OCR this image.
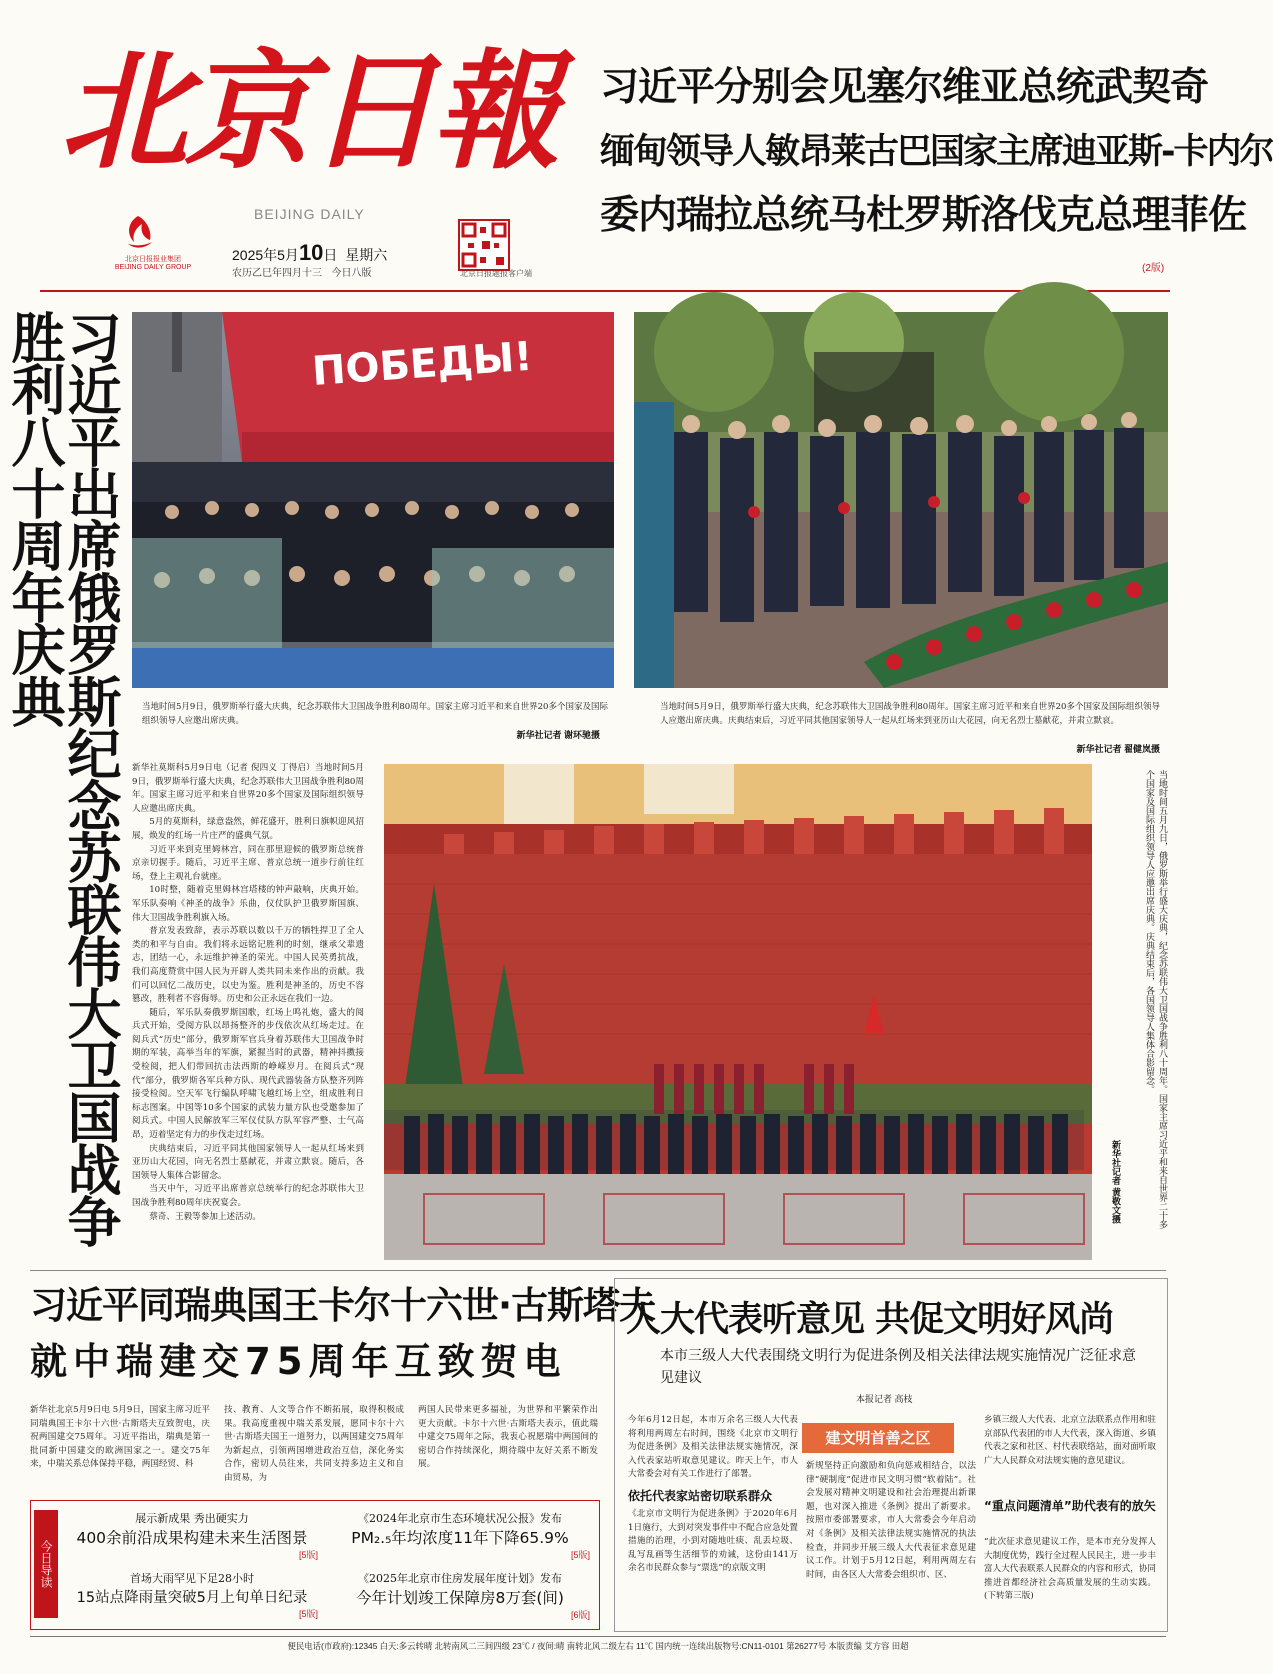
北京日報
BEIJING DAILY
北京日报报业集团
BEIJING DAILY GROUP
2025年5月10日 星期六
农历乙巳年四月十三 今日八版	北京日报题报客户端
习近平分别会见塞尔维亚总统武契奇
缅甸领导人敏昂莱古巴国家主席迪亚斯-卡内尔
委内瑞拉总统马杜罗斯洛伐克总理菲佐
(2版)
习近平出席俄罗斯纪念苏联伟大卫国战争胜利八十周年庆典	ПОБЕДЫ!
当地时间5月9日，俄罗斯举行盛大庆典，纪念苏联伟大卫国战争胜利80周年。国家主席习近平和来自世界20多个国家及国际组织领导人应邀出席庆典。
新华社记者 谢环驰摄
当地时间5月9日，俄罗斯举行盛大庆典，纪念苏联伟大卫国战争胜利80周年。国家主席习近平和来自世界20多个国家及国际组织领导人应邀出席庆典。庆典结束后，习近平同其他国家领导人一起从红场来到亚历山大花园，向无名烈士墓献花，并肃立默哀。
新华社记者 翟健岚摄

新华社莫斯科5月9日电（记者 倪四义 丁得启）当地时间5月9日，俄罗斯举行盛大庆典，纪念苏联伟大卫国战争胜利80周年。国家主席习近平和来自世界20多个国家及国际组织领导人应邀出席庆典。

5月的莫斯科，绿意盎然，鲜花盛开，胜利日旗帜迎风招展，焕发的红场一片庄严的盛典气氛。

习近平来到克里姆林宫，同在那里迎候的俄罗斯总统普京亲切握手。随后，习近平主席、普京总统一道步行前往红场，登上主观礼台就座。

10时整，随着克里姆林宫塔楼的钟声敲响，庆典开始。军乐队奏响《神圣的战争》乐曲，仪仗队护卫俄罗斯国旗、伟大卫国战争胜利旗入场。

普京发表致辞，表示苏联以数以千万的牺牲捍卫了全人类的和平与自由。我们将永远铭记胜利的时刻，继承父辈遗志，团结一心，永远维护神圣的荣光。中国人民英勇抗战，我们高度赞赏中国人民为开辟人类共同未来作出的贡献。我们可以回忆二战历史，以史为鉴。胜利是神圣的，历史不容篡改，胜利者不容侮辱。历史和公正永远在我们一边。

随后，军乐队奏俄罗斯国歌，红场上鸣礼炮，盛大的阅兵式开始，受阅方队以昂扬整齐的步伐依次从红场走过。在阅兵式“历史”部分，俄罗斯军官兵身着苏联伟大卫国战争时期的军装，高举当年的军旗，紧握当时的武器，精神抖擞接受检阅，把人们带回抗击法西斯的峥嵘岁月。在阅兵式“现代”部分，俄罗斯各军兵种方队、现代武器装备方队整齐列阵接受检阅。空天军飞行编队呼啸飞越红场上空，组成胜利日标志图案。中国等10多个国家的武装力量方队也受邀参加了阅兵式。中国人民解放军三军仪仗队方队军容严整、士气高昂，迈着坚定有力的步伐走过红场。

庆典结束后，习近平同其他国家领导人一起从红场来到亚历山大花园，向无名烈士墓献花，并肃立默哀。随后，各国领导人集体合影留念。

当天中午，习近平出席普京总统举行的纪念苏联伟大卫国战争胜利80周年庆祝宴会。

蔡奇、王毅等参加上述活动。	当地时间五月九日，俄罗斯举行盛大庆典，纪念苏联伟大卫国战争胜利八十周年。国家主席习近平和来自世界二十多个国家及国际组织领导人应邀出席庆典。庆典结束后，各国领导人集体合影留念。
新华社记者 黄敬文摄
习近平同瑞典国王卡尔十六世·古斯塔夫
就中瑞建交75周年互致贺电
新华社北京5月9日电 5月9日，国家主席习近平同瑞典国王卡尔十六世·古斯塔夫互致贺电，庆祝两国建交75周年。习近平指出，瑞典是第一批同新中国建交的欧洲国家之一。建交75年来，中瑞关系总体保持平稳，两国经贸、科
技、教育、人文等合作不断拓展，取得积极成果。我高度重视中瑞关系发展，愿同卡尔十六世·古斯塔夫国王一道努力，以两国建交75周年为新起点，引领两国增进政治互信，深化务实合作，密切人员往来，共同支持多边主义和自由贸易，为
两国人民带来更多福祉，为世界和平繁荣作出更大贡献。卡尔十六世·古斯塔夫表示，值此瑞中建交75周年之际，我衷心祝愿瑞中两国间的密切合作持续深化，期待瑞中友好关系不断发展。
今日导读
展示新成果 秀出硬实力
400余前沿成果构建未来生活图景
[5版]
《2024年北京市生态环境状况公报》发布
PM₂.₅年均浓度11年下降65.9%
[5版]
首场大雨罕见下足28小时
15站点降雨量突破5月上旬单日纪录
[5版]
《2025年北京市住房发展年度计划》发布
今年计划竣工保障房8万套(间)
[6版]
人大代表听意见 共促文明好风尚
本市三级人大代表围绕文明行为促进条例及相关法律法规实施情况广泛征求意见建议
本报记者 高枝
建文明首善之区
今年6月12日起，本市万余名三级人大代表将利用两周左右时间，围绕《北京市文明行为促进条例》及相关法律法规实施情况，深入代表家站听取意见建议。昨天上午，市人大常委会对有关工作进行了部署。
依托代表家站密切联系群众
《北京市文明行为促进条例》于2020年6月1日施行，大到对突发事件中不配合应急处置措施的治理，小到对随地吐痰、乱丢垃圾、乱写乱画等生活细节的劝诫，这份由141万余名市民群众参与“票选”的京版文明
新规坚持正向激励和负向惩戒相结合，以法律“硬制度”促进市民文明习惯“软着陆”。社会发展对精神文明建设和社会治理提出新课题，也对深入推进《条例》提出了新要求。按照市委部署要求，市人大常委会今年启动对《条例》及相关法律法规实施情况的执法检查，并同步开展三级人大代表征求意见建议工作。计划于5月12日起，利用两周左右时间，由各区人大常委会组织市、区、
乡镇三级人大代表、北京立法联系点作用和驻京部队代表团的市人大代表，深入街道、乡镇代表之家和社区、村代表联络站，面对面听取广大人民群众对法规实施的意见建议。
“重点问题清单”助代表有的放矢
“此次征求意见建议工作，是本市充分发挥人大制度优势，践行全过程人民民主，进一步丰富人大代表联系人民群众的内容和形式，协同推进首都经济社会高质量发展的生动实践。(下转第三版)
便民电话(市政府):12345 白天:多云转晴 北转南风二三间四级 23℃ / 夜间:晴 南转北风二级左右 11℃ 国内统一连续出版物号:CN11-0101 第26277号 本版责编 艾方容 田超
